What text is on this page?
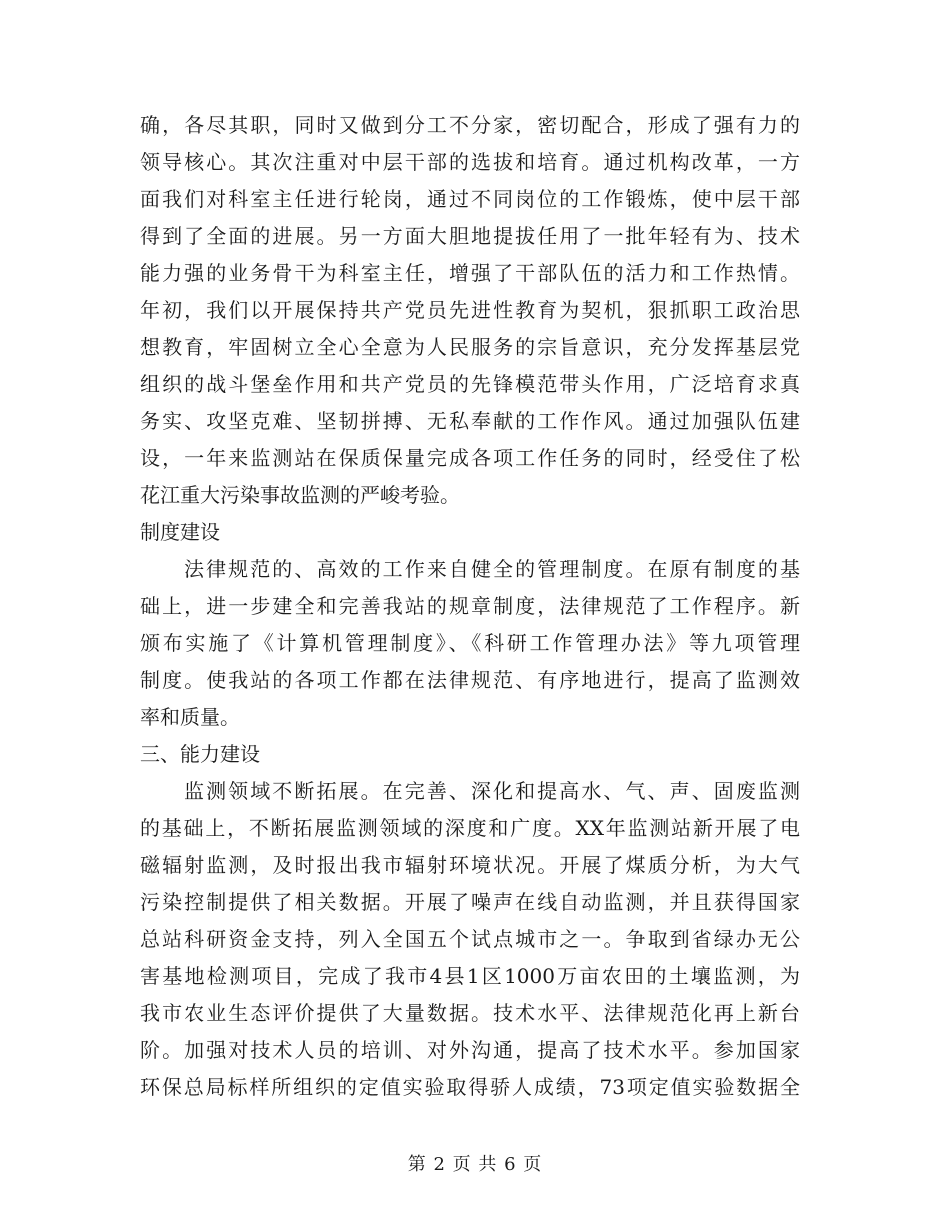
确，各尽其职，同时又做到分工不分家，密切配合，形成了强有力的
领导核心。其次注重对中层干部的选拔和培育。通过机构改革，一方
面我们对科室主任进行轮岗，通过不同岗位的工作锻炼，使中层干部
得到了全面的进展。另一方面大胆地提拔任用了一批年轻有为、技术
能力强的业务骨干为科室主任，增强了干部队伍的活力和工作热情。
年初，我们以开展保持共产党员先进性教育为契机，狠抓职工政治思
想教育，牢固树立全心全意为人民服务的宗旨意识，充分发挥基层党
组织的战斗堡垒作用和共产党员的先锋模范带头作用，广泛培育求真
务实、攻坚克难、坚韧拼搏、无私奉献的工作作风。通过加强队伍建
设，一年来监测站在保质保量完成各项工作任务的同时，经受住了松
花江重大污染事故监测的严峻考验。
制度建设
法律规范的、高效的工作来自健全的管理制度。在原有制度的基
础上，进一步建全和完善我站的规章制度，法律规范了工作程序。新
颁布实施了《计算机管理制度》、《科研工作管理办法》等九项管理
制度。使我站的各项工作都在法律规范、有序地进行，提高了监测效
率和质量。
三、能力建设
监测领域不断拓展。在完善、深化和提高水、气、声、固废监测
的基础上，不断拓展监测领域的深度和广度。XX年监测站新开展了电
磁辐射监测，及时报出我市辐射环境状况。开展了煤质分析，为大气
污染控制提供了相关数据。开展了噪声在线自动监测，并且获得国家
总站科研资金支持，列入全国五个试点城市之一。争取到省绿办无公
害基地检测项目，完成了我市4县1区1000万亩农田的土壤监测，为
我市农业生态评价提供了大量数据。技术水平、法律规范化再上新台
阶。加强对技术人员的培训、对外沟通，提高了技术水平。参加国家
环保总局标样所组织的定值实验取得骄人成绩，73项定值实验数据全
第 2 页 共 6 页
